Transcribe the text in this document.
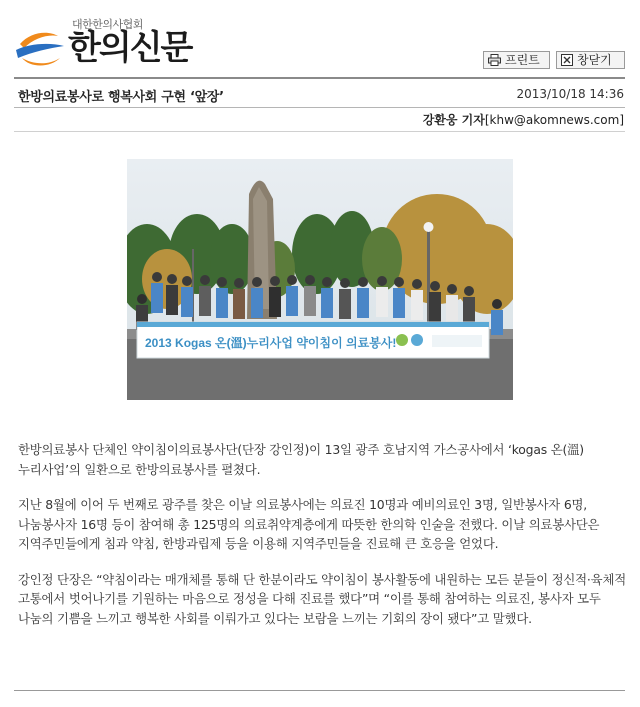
대한한의사협회
한의신문	프린트	창닫기
한방의료봉사로 행복사회 구현 ‘앞장’	2013/10/18 14:36
강환웅 기자[khw@akomnews.com]
2013 Kogas 온(溫)누리사업 약이침이 의료봉사!

한방의료봉사 단체인 약이침이의료봉사단(단장 강인정)이 13일 광주 호남지역 가스공사에서 ‘kogas 온(溫)누리사업’의 일환으로 한방의료봉사를 펼쳤다.

지난 8월에 이어 두 번째로 광주를 찾은 이날 의료봉사에는 의료진 10명과 예비의료인 3명, 일반봉사자 6명, 나눔봉사자 16명 등이 참여해 총 125명의 의료취약계층에게 따뜻한 한의학 인술을 전했다. 이날 의료봉사단은 지역주민들에게 침과 약침, 한방과립제 등을 이용해 지역주민들을 진료해 큰 호응을 얻었다.

강인정 단장은 “약침이라는 매개체를 통해 단 한분이라도 약이침이 봉사활동에 내원하는 모든 분들이 정신적·육체적 고통에서 벗어나기를 기원하는 마음으로 정성을 다해 진료를 했다”며 “이를 통해 참여하는 의료진, 봉사자 모두 나눔의 기쁨을 느끼고 행복한 사회를 이뤄가고 있다는 보람을 느끼는 기회의 장이 됐다”고 말했다.
